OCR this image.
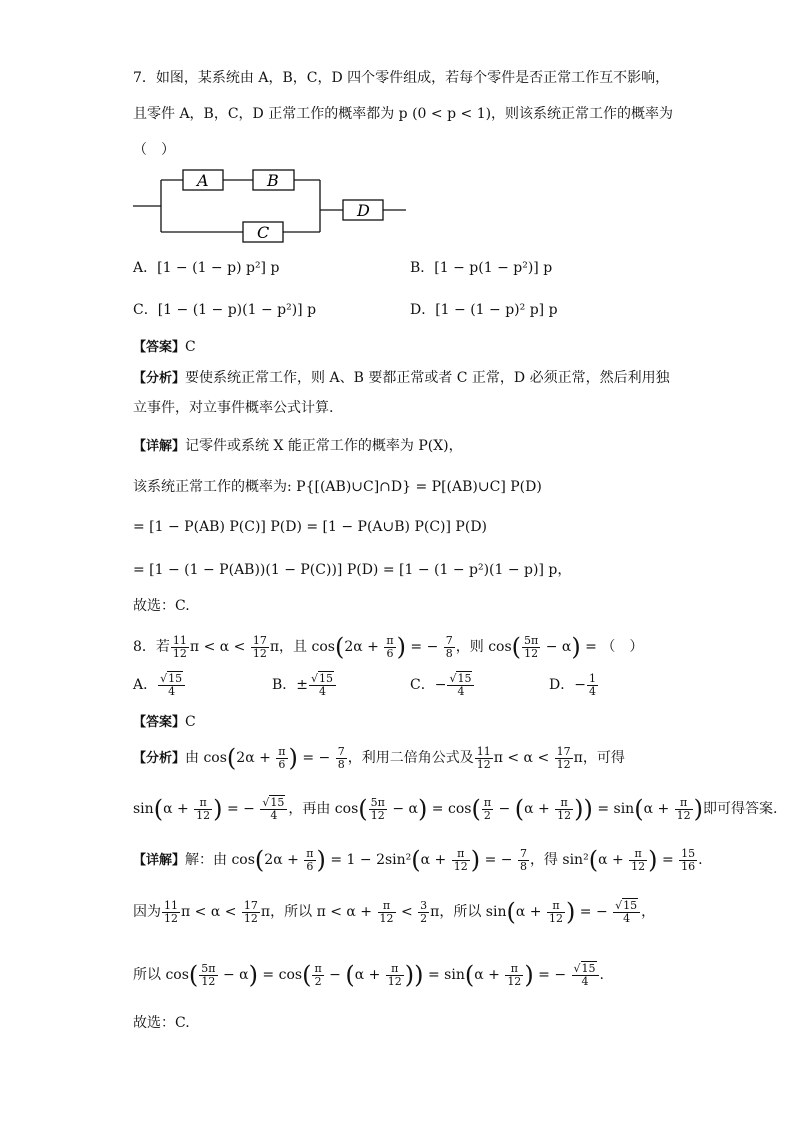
7．如图，某系统由 A，B，C，D 四个零件组成，若每个零件是否正常工作互不影响，
且零件 A，B，C，D 正常工作的概率都为 p (0 < p < 1)，则该系统正常工作的概率为
（　）
A	B
C
D
A．[1 − (1 − p) p²] p	B．[1 − p(1 − p²)] p
C．[1 − (1 − p)(1 − p²)] p	D．[1 − (1 − p)² p] p
【答案】C
【分析】要使系统正常工作，则 A、B 要都正常或者 C 正常，D 必须正常，然后利用独
立事件，对立事件概率公式计算.
【详解】记零件或系统 X 能正常工作的概率为 P(X)，
该系统正常工作的概率为: P{[(AB)∪C]∩D} = P[(AB)∪C] P(D)
= [1 − P(AB) P(C)] P(D) = [1 − P(A∪B) P(C)] P(D)
= [1 − (1 − P(AB))(1 − P(C))] P(D) = [1 − (1 − p²)(1 − p)] p，
故选：C.
8．若 $\frac{11}{12}$ $\pi < \alpha < \frac{17}{12}$ π，且 $\cos(2\alpha + \frac{\pi}{6}$ ) = − $\frac{7}{8}$ ，则 $\cos( \frac{5\pi}{12} - \alpha)$ = （　）
A． $\frac{√15}{4}$	B．± $\frac{√15}{4}$	C．− $\frac{√15}{4}$	D．− $\frac{1}{4}$
【答案】C
【分析】由 $\cos(2\alpha + \frac{\pi}{6}$ ) = − $\frac{7}{8}$ ，利用二倍角公式及 $\frac{11}{12}$ $\pi < \alpha < \frac{17}{12}$ π，可得
$\sin(\alpha + \frac{\pi}{12}$ ) = − $\frac{√15}{4}$ ，再由 $\cos( \frac{5\pi}{12} - \alpha) = \cos( \frac{\pi}{2} - (\alpha + \frac{\pi}{12}$ )) = $\sin(\alpha + \frac{\pi}{12}$ )即可得答案.
【详解】解：由 $\cos(2\alpha + \frac{\pi}{6}$ ) = $1 - 2\sin^2(\alpha + \frac{\pi}{12}$ ) = − $\frac{7}{8}$ ，得 $\sin^2(\alpha + \frac{\pi}{12}$ ) = $\frac{15}{16}$ .
因为 $\frac{11}{12}$ $\pi < \alpha < \frac{17}{12}$ π，所以 $\pi < \alpha + \frac{\pi}{12} < \frac{3}{2}$ π，所以 $\sin(\alpha + \frac{\pi}{12}$ ) = − $\frac{√15}{4}$ ，
所以 $\cos( \frac{5\pi}{12} - \alpha) = \cos( \frac{\pi}{2} - (\alpha + \frac{\pi}{12}$ )) = $\sin(\alpha + \frac{\pi}{12}$ ) = − $\frac{√15}{4}$ .
故选：C.
